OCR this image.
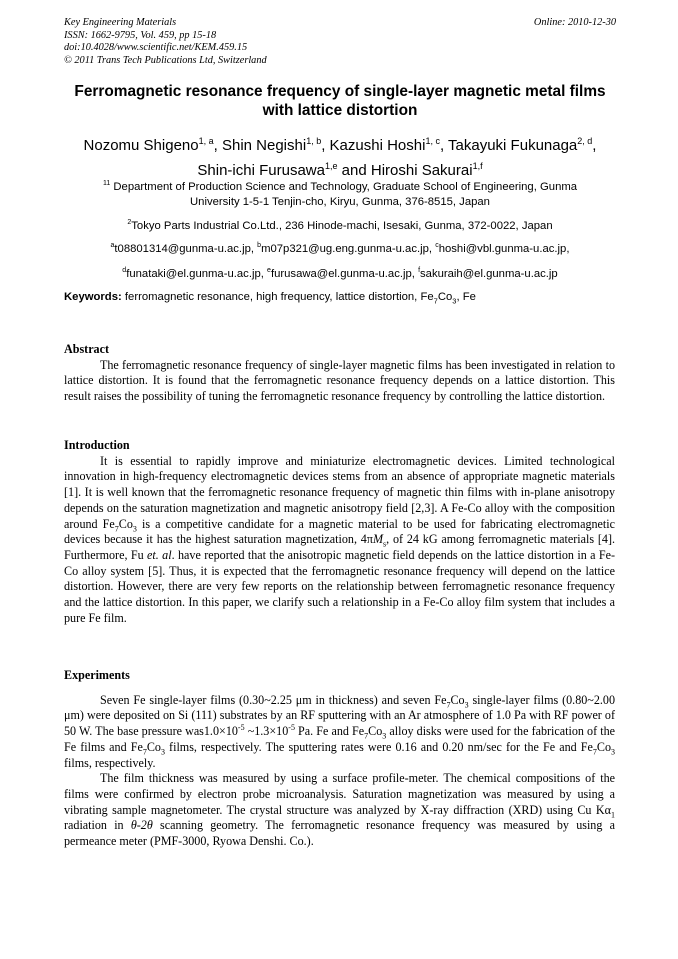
Key Engineering Materials
ISSN: 1662-9795, Vol. 459, pp 15-18
doi:10.4028/www.scientific.net/KEM.459.15
© 2011 Trans Tech Publications Ltd, Switzerland
Online: 2010-12-30
Ferromagnetic resonance frequency of single-layer magnetic metal films with lattice distortion
Nozomu Shigeno$^{1, a}$, Shin Negishi$^{1, b}$, Kazushi Hoshi$^{1, c}$, Takayuki Fukunaga$^{2, d}$,
Shin-ichi Furusawa$^{1,e}$ and Hiroshi Sakurai$^{1,f}$
$^{11}$ Department of Production Science and Technology, Graduate School of Engineering, Gunma
University 1-5-1 Tenjin-cho, Kiryu, Gunma, 376-8515, Japan
$^2$Tokyo Parts Industrial Co.Ltd., 236 Hinode-machi, Isesaki, Gunma, 372-0022, Japan
$^a$t08801314@gunma-u.ac.jp, $^b$m07p321@ug.eng.gunma-u.ac.jp, $^c$hoshi@vbl.gunma-u.ac.jp,
$^d$funataki@el.gunma-u.ac.jp, $^e$furusawa@el.gunma-u.ac.jp, $^f$sakuraih@el.gunma-u.ac.jp
Keywords: ferromagnetic resonance, high frequency, lattice distortion, $Fe_7Co_3$, Fe
Abstract

The ferromagnetic resonance frequency of single-layer magnetic films has been investigated in relation to lattice distortion. It is found that the ferromagnetic resonance frequency depends on a lattice distortion. This result raises the possibility of tuning the ferromagnetic resonance frequency by controlling the lattice distortion.

Introduction

It is essential to rapidly improve and miniaturize electromagnetic devices. Limited technological innovation in high-frequency electromagnetic devices stems from an absence of appropriate magnetic materials [1]. It is well known that the ferromagnetic resonance frequency of magnetic thin films with in-plane anisotropy depends on the saturation magnetization and magnetic anisotropy field [2,3]. A Fe-Co alloy with the composition around $Fe_7Co_3$ is a competitive candidate for a magnetic material to be used for fabricating electromagnetic devices because it has the highest saturation magnetization, $4\pi M_s$, of 24 kG among ferromagnetic materials [4]. Furthermore, Fu et. al. have reported that the anisotropic magnetic field depends on the lattice distortion in a Fe-Co alloy system [5]. Thus, it is expected that the ferromagnetic resonance frequency will depend on the lattice distortion. However, there are very few reports on the relationship between ferromagnetic resonance frequency and the lattice distortion. In this paper, we clarify such a relationship in a Fe-Co alloy film system that includes a pure Fe film.

Experiments

Seven Fe single-layer films (0.30~2.25 μm in thickness) and seven $Fe_7Co_3$ single-layer films (0.80~2.00 μm) were deposited on Si (111) substrates by an RF sputtering with an Ar atmosphere of 1.0 Pa with RF power of 50 W. The base pressure $was1.0\times 10^{-5}$ $\sim 1.3\times 10^{-5}$ Pa. Fe and $Fe_7Co_3$ alloy disks were used for the fabrication of the Fe films and $Fe_7Co_3$ films, respectively. The sputtering rates were 0.16 and 0.20 nm/sec for the Fe and $Fe_7Co_3$ films, respectively.

The film thickness was measured by using a surface profile-meter. The chemical compositions of the films were confirmed by electron probe microanalysis. Saturation magnetization was measured by using a vibrating sample magnetometer. The crystal structure was analyzed by X-ray diffraction (XRD) using Cu $K\alpha_1$ radiation in θ-2θ scanning geometry. The ferromagnetic resonance frequency was measured by using a permeance meter (PMF-3000, Ryowa Denshi. Co.).
